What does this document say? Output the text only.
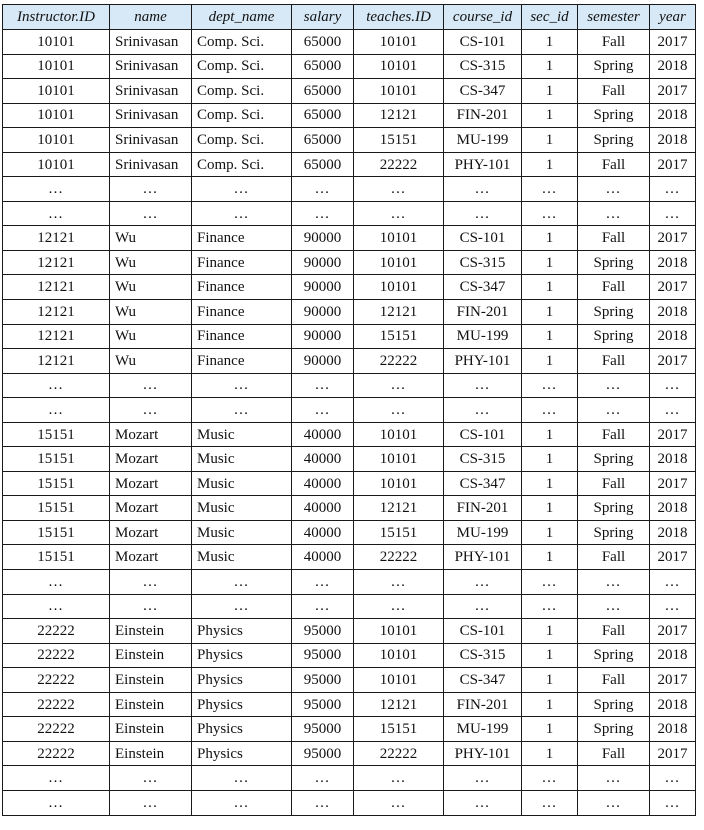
Instructor.ID	name	dept_name	salary	teaches.ID	course_id	sec_id	semester	year
10101	Srinivasan	Comp. Sci.	65000	10101	CS-101	1	Fall	2017
10101	Srinivasan	Comp. Sci.	65000	10101	CS-315	1	Spring	2018
10101	Srinivasan	Comp. Sci.	65000	10101	CS-347	1	Fall	2017
10101	Srinivasan	Comp. Sci.	65000	12121	FIN-201	1	Spring	2018
10101	Srinivasan	Comp. Sci.	65000	15151	MU-199	1	Spring	2018
10101	Srinivasan	Comp. Sci.	65000	22222	PHY-101	1	Fall	2017
…	…	…	…	…	…	…	…	…
…	…	…	…	…	…	…	…	…
12121	Wu	Finance	90000	10101	CS-101	1	Fall	2017
12121	Wu	Finance	90000	10101	CS-315	1	Spring	2018
12121	Wu	Finance	90000	10101	CS-347	1	Fall	2017
12121	Wu	Finance	90000	12121	FIN-201	1	Spring	2018
12121	Wu	Finance	90000	15151	MU-199	1	Spring	2018
12121	Wu	Finance	90000	22222	PHY-101	1	Fall	2017
…	…	…	…	…	…	…	…	…
…	…	…	…	…	…	…	…	…
15151	Mozart	Music	40000	10101	CS-101	1	Fall	2017
15151	Mozart	Music	40000	10101	CS-315	1	Spring	2018
15151	Mozart	Music	40000	10101	CS-347	1	Fall	2017
15151	Mozart	Music	40000	12121	FIN-201	1	Spring	2018
15151	Mozart	Music	40000	15151	MU-199	1	Spring	2018
15151	Mozart	Music	40000	22222	PHY-101	1	Fall	2017
…	…	…	…	…	…	…	…	…
…	…	…	…	…	…	…	…	…
22222	Einstein	Physics	95000	10101	CS-101	1	Fall	2017
22222	Einstein	Physics	95000	10101	CS-315	1	Spring	2018
22222	Einstein	Physics	95000	10101	CS-347	1	Fall	2017
22222	Einstein	Physics	95000	12121	FIN-201	1	Spring	2018
22222	Einstein	Physics	95000	15151	MU-199	1	Spring	2018
22222	Einstein	Physics	95000	22222	PHY-101	1	Fall	2017
…	…	…	…	…	…	…	…	…
…	…	…	…	…	…	…	…	…
